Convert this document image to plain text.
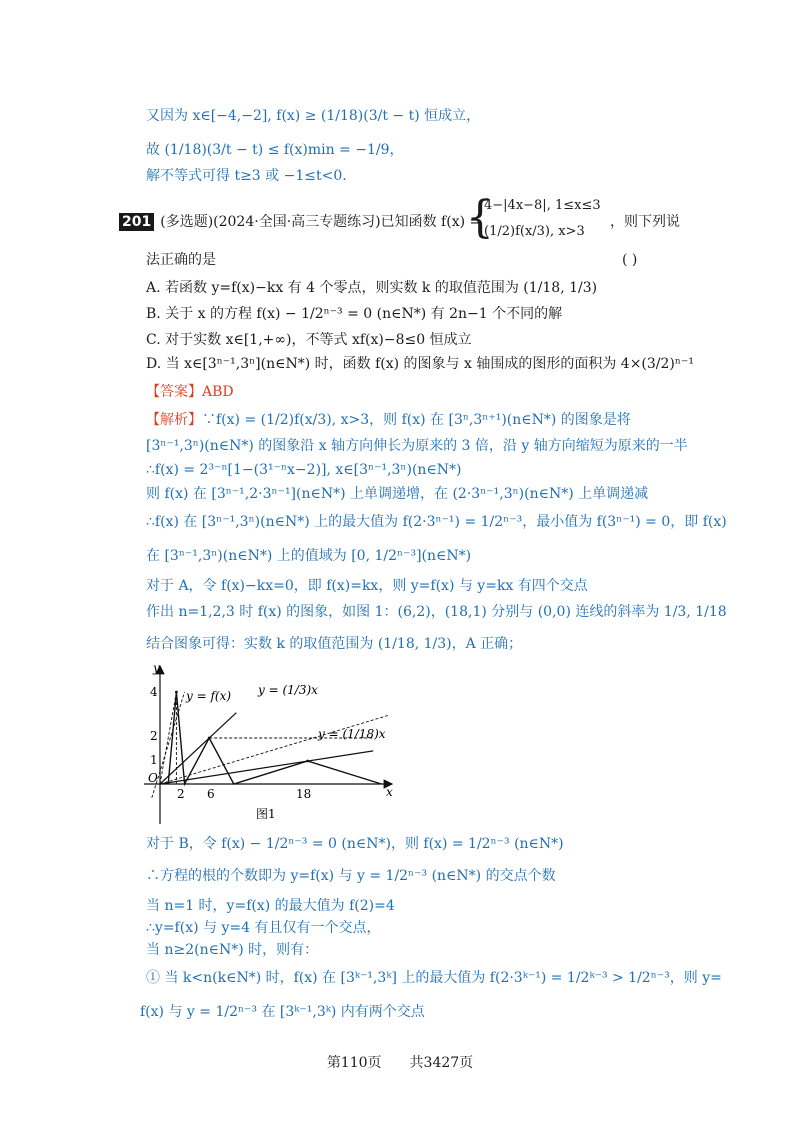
又因为 x∈[−4,−2], f(x) ≥ (1/18)(3/t − t) 恒成立，
故 (1/18)(3/t − t) ≤ f(x)min = −1/9，
解不等式可得 t≥3 或 −1≤t<0.
201 (多选题)(2024·全国·高三专题练习)已知函数 f(x) =
{
4−|4x−8|, 1≤x≤3
(1/2)f(x/3), x>3
，则下列说
法正确的是	( )
A. 若函数 y=f(x)−kx 有 4 个零点，则实数 k 的取值范围为 (1/18, 1/3)
B. 关于 x 的方程 f(x) − 1/2ⁿ⁻³ = 0 (n∈N*) 有 2n−1 个不同的解
C. 对于实数 x∈[1,+∞)，不等式 xf(x)−8≤0 恒成立
D. 当 x∈[3ⁿ⁻¹,3ⁿ](n∈N*) 时，函数 f(x) 的图象与 x 轴围成的图形的面积为 4×(3/2)ⁿ⁻¹
【答案】ABD
【解析】∵f(x) = (1/2)f(x/3), x>3，则 f(x) 在 [3ⁿ,3ⁿ⁺¹)(n∈N*) 的图象是将
[3ⁿ⁻¹,3ⁿ)(n∈N*) 的图象沿 x 轴方向伸长为原来的 3 倍，沿 y 轴方向缩短为原来的一半
∴f(x) = 2³⁻ⁿ[1−(3¹⁻ⁿx−2)], x∈[3ⁿ⁻¹,3ⁿ)(n∈N*)
则 f(x) 在 [3ⁿ⁻¹,2·3ⁿ⁻¹](n∈N*) 上单调递增，在 (2·3ⁿ⁻¹,3ⁿ)(n∈N*) 上单调递减
∴f(x) 在 [3ⁿ⁻¹,3ⁿ)(n∈N*) 上的最大值为 f(2·3ⁿ⁻¹) = 1/2ⁿ⁻³，最小值为 f(3ⁿ⁻¹) = 0，即 f(x)
在 [3ⁿ⁻¹,3ⁿ)(n∈N*) 上的值域为 [0, 1/2ⁿ⁻³](n∈N*)
对于 A，令 f(x)−kx=0，即 f(x)=kx，则 y=f(x) 与 y=kx 有四个交点
作出 n=1,2,3 时 f(x) 的图象，如图 1：(6,2)，(18,1) 分别与 (0,0) 连线的斜率为 1/3, 1/18
结合图象可得：实数 k 的取值范围为 (1/18, 1/3)，A 正确；
x
y
O
2 6	18
4
2
1
y = f(x) y = (1/3)x
y = (1/18)x
图1
对于 B，令 f(x) − 1/2ⁿ⁻³ = 0 (n∈N*)，则 f(x) = 1/2ⁿ⁻³ (n∈N*)
∴方程的根的个数即为 y=f(x) 与 y = 1/2ⁿ⁻³ (n∈N*) 的交点个数
当 n=1 时，y=f(x) 的最大值为 f(2)=4
∴y=f(x) 与 y=4 有且仅有一个交点，
当 n≥2(n∈N*) 时，则有：
① 当 k<n(k∈N*) 时，f(x) 在 [3ᵏ⁻¹,3ᵏ] 上的最大值为 f(2·3ᵏ⁻¹) = 1/2ᵏ⁻³ > 1/2ⁿ⁻³，则 y=
f(x) 与 y = 1/2ⁿ⁻³ 在 [3ᵏ⁻¹,3ᵏ) 内有两个交点
第110页　　共3427页
